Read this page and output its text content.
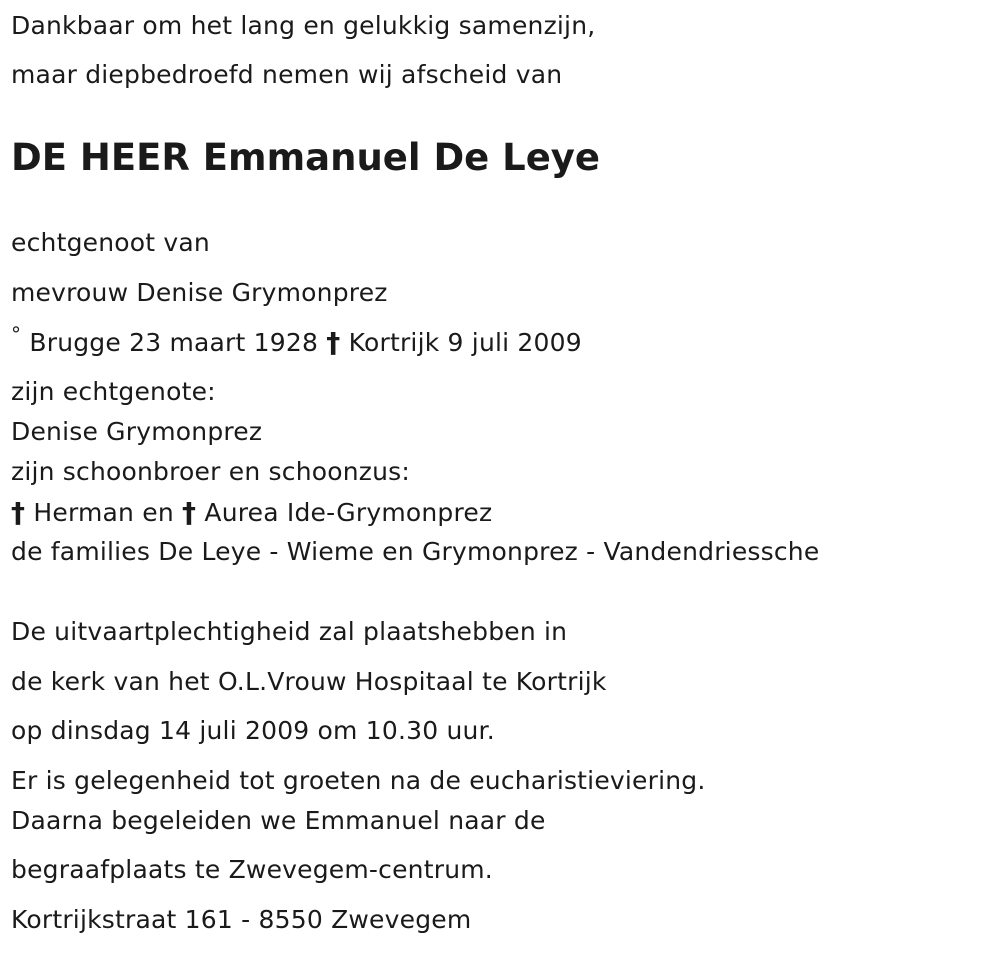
Dankbaar om het lang en gelukkig samenzijn,
maar diepbedroefd nemen wij afscheid van
DE HEER Emmanuel De Leye
echtgenoot van
mevrouw Denise Grymonprez
° Brugge 23 maart 1928 † Kortrijk 9 juli 2009
zijn echtgenote:
Denise Grymonprez
zijn schoonbroer en schoonzus:
† Herman en † Aurea Ide-Grymonprez
de families De Leye - Wieme en Grymonprez - Vandendriessche
De uitvaartplechtigheid zal plaatshebben in
de kerk van het O.L.Vrouw Hospitaal te Kortrijk
op dinsdag 14 juli 2009 om 10.30 uur.
Er is gelegenheid tot groeten na de eucharistieviering.
Daarna begeleiden we Emmanuel naar de
begraafplaats te Zwevegem-centrum.
Kortrijkstraat 161 - 8550 Zwevegem
